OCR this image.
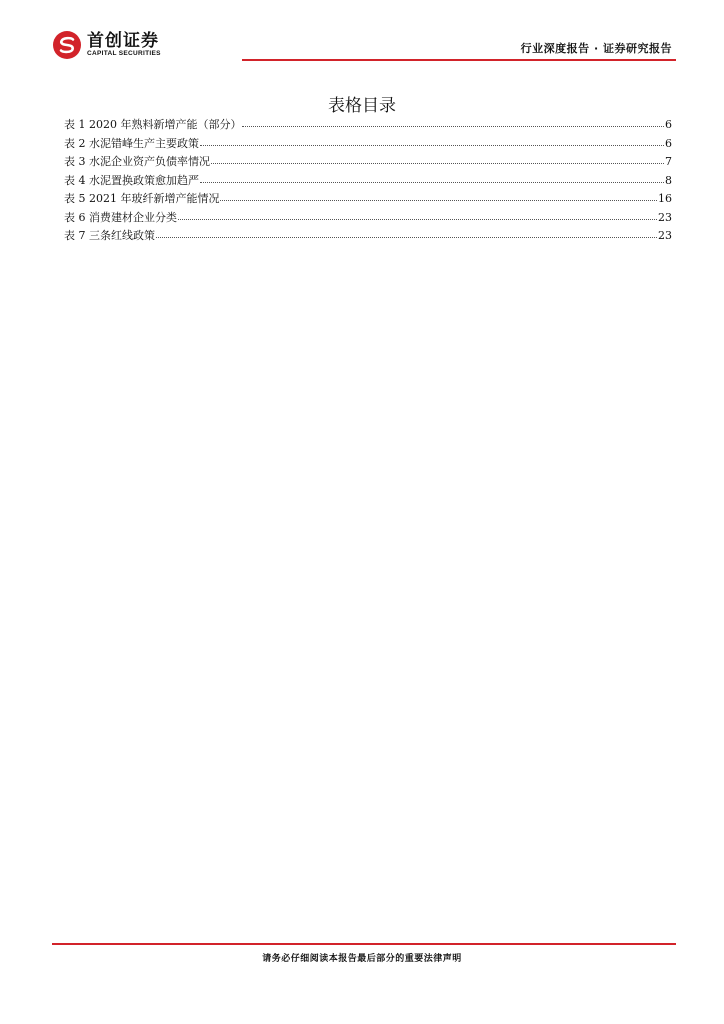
首创证券
CAPITAL SECURITIES	行业深度报告 · 证券研究报告
表格目录
表 1 2020 年熟料新增产能（部分）	6
表 2 水泥错峰生产主要政策	6
表 3 水泥企业资产负债率情况	7
表 4 水泥置换政策愈加趋严	8
表 5 2021 年玻纤新增产能情况	16
表 6 消费建材企业分类	23
表 7 三条红线政策	23
请务必仔细阅读本报告最后部分的重要法律声明
